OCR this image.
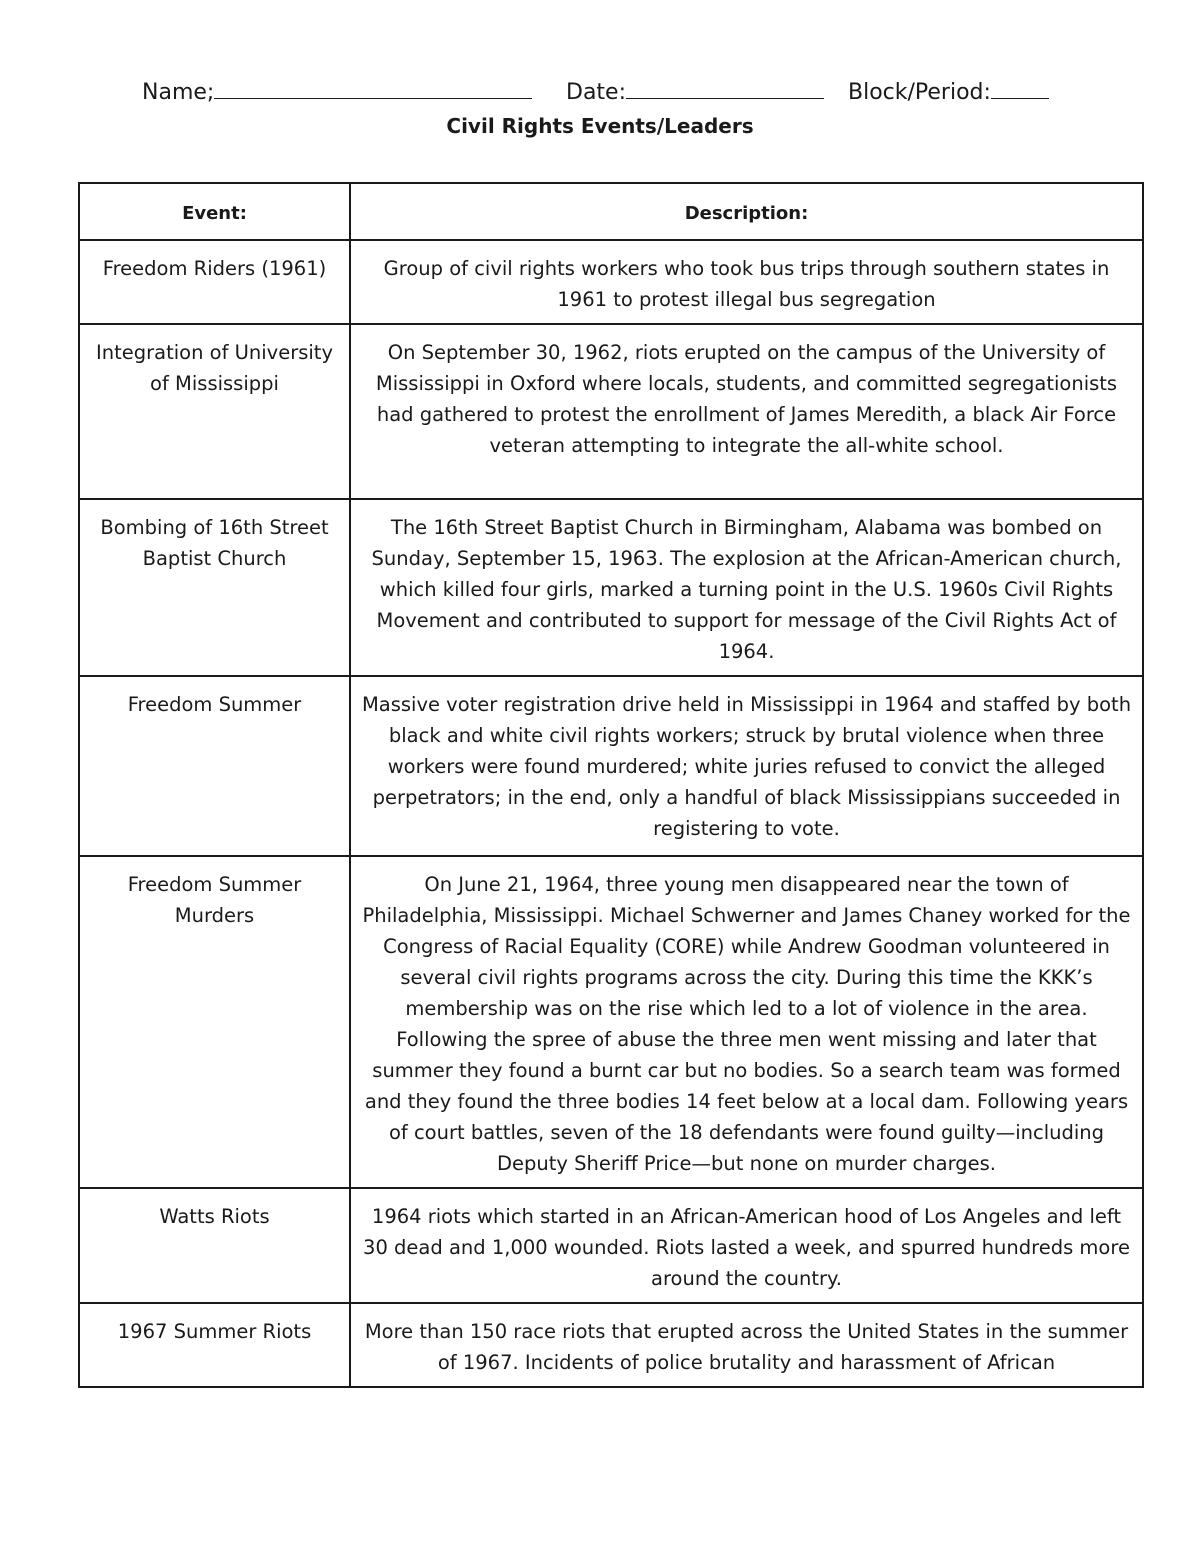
Name;	Date:	Block/Period:
Civil Rights Events/Leaders
Event:	Description:
Freedom Riders (1961)	Group of civil rights workers who took bus trips through southern states in 1961 to protest illegal bus segregation
Integration of University of Mississippi	On September 30, 1962, riots erupted on the campus of the University of Mississippi in Oxford where locals, students, and committed segregationists had gathered to protest the enrollment of James Meredith, a black Air Force veteran attempting to integrate the all-white school.
Bombing of 16th Street Baptist Church	The 16th Street Baptist Church in Birmingham, Alabama was bombed on Sunday, September 15, 1963. The explosion at the African-American church, which killed four girls, marked a turning point in the U.S. 1960s Civil Rights Movement and contributed to support for message of the Civil Rights Act of 1964.
Freedom Summer	Massive voter registration drive held in Mississippi in 1964 and staffed by both black and white civil rights workers; struck by brutal violence when three workers were found murdered; white juries refused to convict the alleged perpetrators; in the end, only a handful of black Mississippians succeeded in registering to vote.
Freedom Summer Murders	On June 21, 1964, three young men disappeared near the town of Philadelphia, Mississippi. Michael Schwerner and James Chaney worked for the Congress of Racial Equality (CORE) while Andrew Goodman volunteered in several civil rights programs across the city. During this time the KKK’s membership was on the rise which led to a lot of violence in the area. Following the spree of abuse the three men went missing and later that summer they found a burnt car but no bodies. So a search team was formed and they found the three bodies 14 feet below at a local dam. Following years of court battles, seven of the 18 defendants were found guilty—including Deputy Sheriff Price—but none on murder charges.
Watts Riots	1964 riots which started in an African-American hood of Los Angeles and left 30 dead and 1,000 wounded. Riots lasted a week, and spurred hundreds more around the country.
1967 Summer Riots	More than 150 race riots that erupted across the United States in the summer of 1967. Incidents of police brutality and harassment of African
